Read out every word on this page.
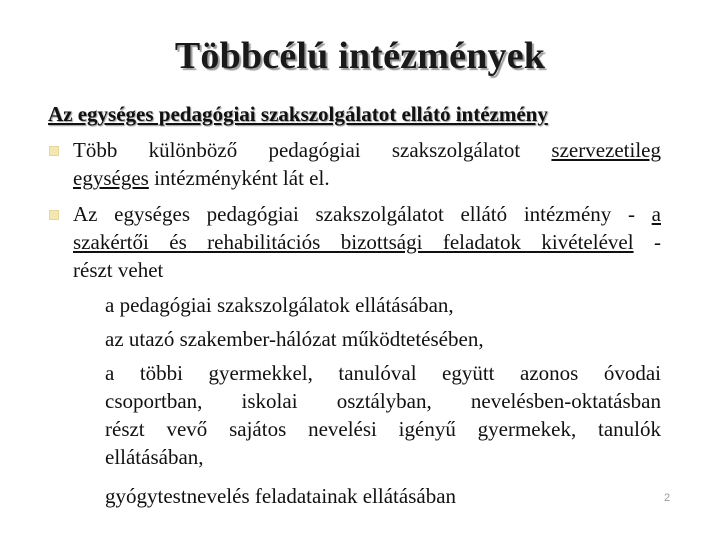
Többcélú intézmények
Az egységes pedagógiai szakszolgálatot ellátó intézmény
Több különböző pedagógiai szakszolgálatot szervezetileg
egységes intézményként lát el.
Az egységes pedagógiai szakszolgálatot ellátó intézmény - a
szakértői és rehabilitációs bizottsági feladatok kivételével -
részt vehet
a pedagógiai szakszolgálatok ellátásában,
az utazó szakember-hálózat működtetésében,
a többi gyermekkel, tanulóval együtt azonos óvodai
csoportban, iskolai osztályban, nevelésben-oktatásban
részt vevő sajátos nevelési igényű gyermekek, tanulók
ellátásában,
gyógytestnevelés feladatainak ellátásában	2
